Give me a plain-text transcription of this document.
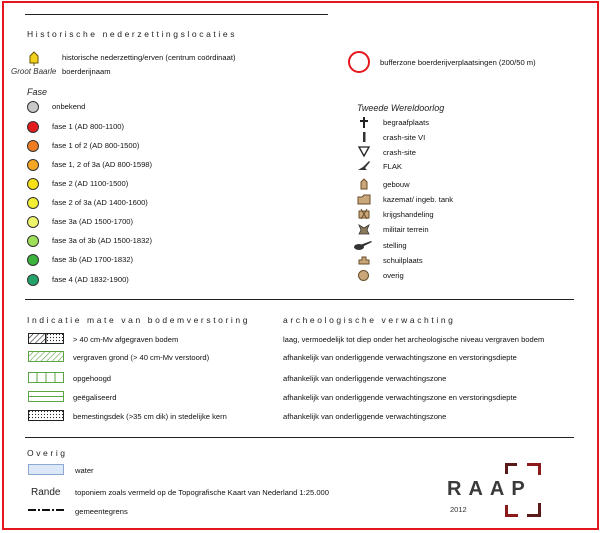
Historische nederzettingslocaties
historische nederzetting/erven (centrum coördinaat)
Groot Baarle boerderijnaam
bufferzone boerderijverplaatsingen (200/50 m)
Fase
onbekend
fase 1 (AD 800-1100)
fase 1 of 2 (AD 800-1500)
fase 1, 2 of 3a (AD 800-1598)
fase 2 (AD 1100-1500)
fase 2 of 3a (AD 1400-1600)
fase 3a (AD 1500-1700)
fase 3a of 3b (AD 1500-1832)
fase 3b (AD 1700-1832)
fase 4 (AD 1832-1900)
Tweede Wereldoorlog
begraafplaats
crash-site VI
crash-site
FLAK
gebouw
kazemat/ ingeb. tank
krijgshandeling
militair terrein
stelling
schuilplaats
overig
Indicatie mate van bodemverstoring	archeologische verwachting
> 40 cm-Mv afgegraven bodem
vergraven grond (> 40 cm-Mv verstoord)
opgehoogd
geëgaliseerd
bemestingsdek (>35 cm dik) in stedelijke kern
laag, vermoedelijk tot diep onder het archeologische niveau vergraven bodem
afhankelijk van onderliggende verwachtingszone en verstoringsdiepte
afhankelijk van onderliggende verwachtingszone
afhankelijk van onderliggende verwachtingszone en verstoringsdiepte
afhankelijk van onderliggende verwachtingszone
Overig
water
Rande toponiem zoals vermeld op de Topografische Kaart van Nederland 1:25.000
gemeentegrens
RAAP
2012
